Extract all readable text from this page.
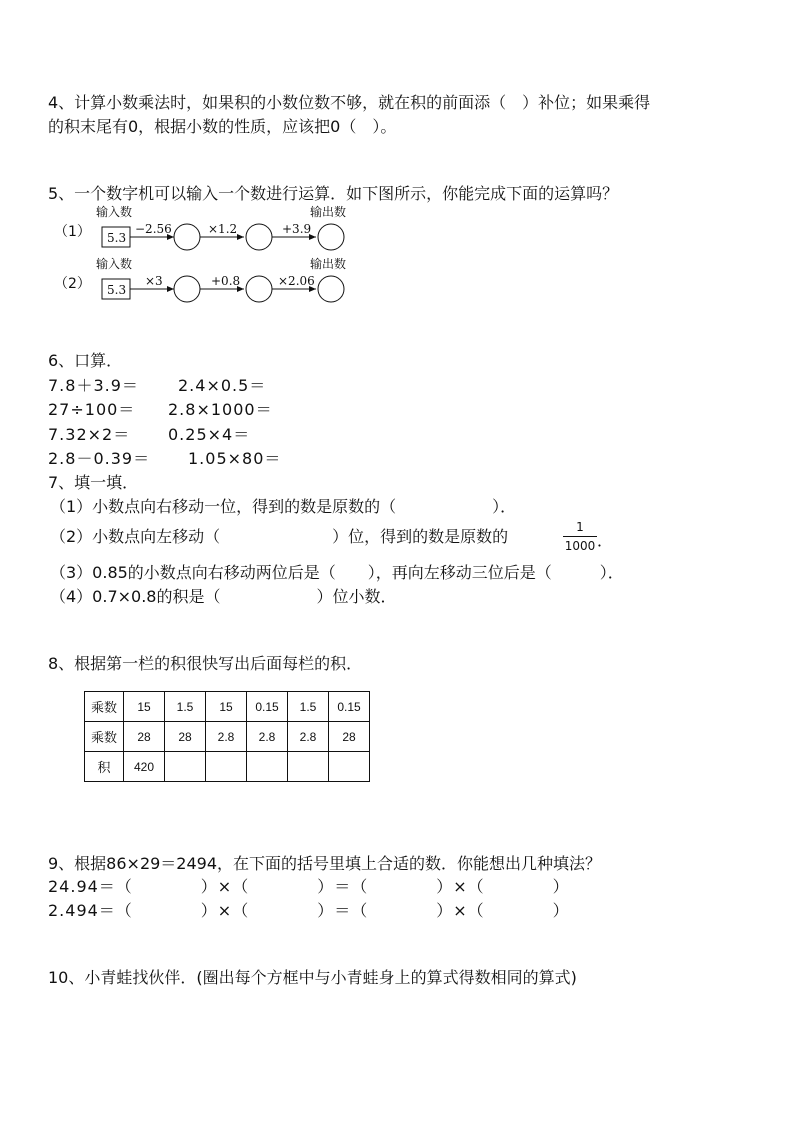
4、计算小数乘法时，如果积的小数位数不够，就在积的前面添（　）补位；如果乘得
的积末尾有0，根据小数的性质，应该把0（　）。
5、一个数字机可以输入一个数进行运算．如下图所示，你能完成下面的运算吗？
输入数	输出数
（1） 5.3
−2.56	×1.2	+3.9
输入数	输出数
（2） 5.3
×3	+0.8	×2.06
6、口算．
7.8＋3.9＝ 2.4×0.5＝
27÷100＝ 2.8×1000＝
7.32×2＝ 0.25×4＝
2.8－0.39＝ 1.05×80＝
7、填一填．
（1）小数点向右移动一位，得到的数是原数的（　　　　　　）．
（2）小数点向左移动（　　　　　　　）位，得到的数是原数的	1
1000 ．
（3）0.85的小数点向右移动两位后是（　　），再向左移动三位后是（　　　）．
（4）0.7×0.8的积是（　　　　　　）位小数．
8、根据第一栏的积很快写出后面每栏的积．
乘数	15	1.5	15	0.15	1.5	0.15
乘数	28	28	2.8	2.8	2.8	28
积	420					
9、根据86×29＝2494，在下面的括号里填上合适的数．你能想出几种填法？
24.94＝（　　　　）×（　　　　）＝（　　　　）×（　　　　）
2.494＝（　　　　）×（　　　　）＝（　　　　）×（　　　　）
10、小青蛙找伙伴．(圈出每个方框中与小青蛙身上的算式得数相同的算式)
